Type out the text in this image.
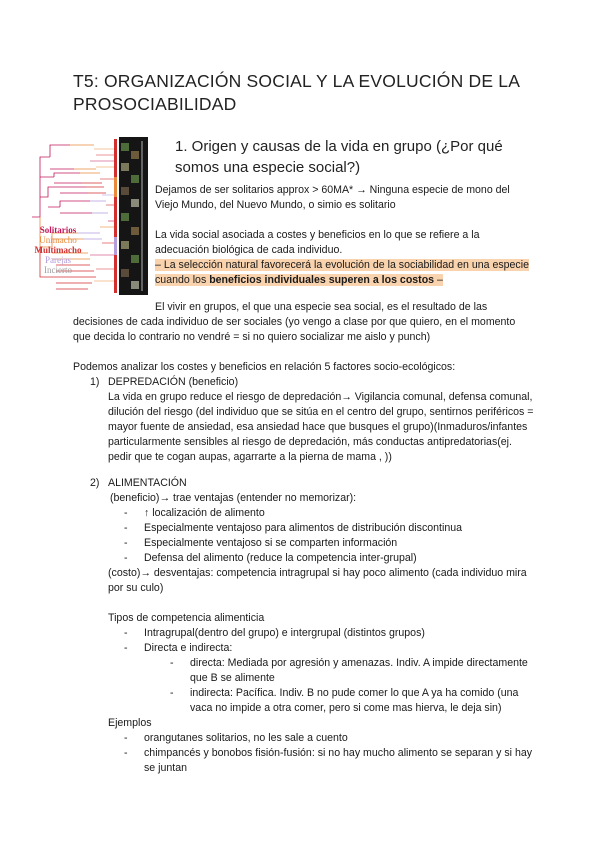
T5: ORGANIZACIÓN SOCIAL Y LA EVOLUCIÓN DE LA PROSOCIABILIDAD
Solitarios
Unimacho
Multimacho
Parejas
Incierto
1. Origen y causas de la vida en grupo (¿Por qué somos una especie social?)
Dejamos de ser solitarios approx > 60MA* → Ninguna especie de mono del Viejo Mundo, del Nuevo Mundo, o simio es solitario
La vida social asociada a costes y beneficios en lo que se refiere a la adecuación biológica de cada individuo.
– La selección natural favorecerá la evolución de la sociabilidad en una especie cuando los beneficios individuales superen a los costos –
El vivir en grupos, el que una especie sea social, es el resultado de las decisiones de cada individuo de ser sociales (yo vengo a clase por que quiero, en el momento que decida lo contrario no vendré = si no quiero socializar me aislo y punch)
Podemos analizar los costes y beneficios en relación 5 factores socio-ecológicos:
1) DEPREDACIÓN (beneficio)
La vida en grupo reduce el riesgo de depredación→ Vigilancia comunal, defensa comunal, dilución del riesgo (del individuo que se sitúa en el centro del grupo, sentirnos periféricos = mayor fuente de ansiedad, esa ansiedad hace que busques el grupo)(Inmaduros/infantes particularmente sensibles al riesgo de depredación, más conductas antipredatorias(ej. pedir que te cogan aupas, agarrarte a la pierna de mama , ))
2) ALIMENTACIÓN
(beneficio)→ trae ventajas (entender no memorizar):
- ↑ localización de alimento
- Especialmente ventajoso para alimentos de distribución discontinua
- Especialmente ventajoso si se comparten información
- Defensa del alimento (reduce la competencia inter-grupal)
(costo)→ desventajas: competencia intragrupal si hay poco alimento (cada individuo mira por su culo)
Tipos de competencia alimenticia
- Intragrupal(dentro del grupo) e intergrupal (distintos grupos)
- Directa e indirecta:
- directa: Mediada por agresión y amenazas. Indiv. A impide directamente que B se alimente
- indirecta: Pacífica. Indiv. B no pude comer lo que A ya ha comido (una vaca no impide a otra comer, pero si come mas hierva, le deja sin)
Ejemplos
- orangutanes solitarios, no les sale a cuento
- chimpancés y bonobos fisión-fusión: si no hay mucho alimento se separan y si hay se juntan
